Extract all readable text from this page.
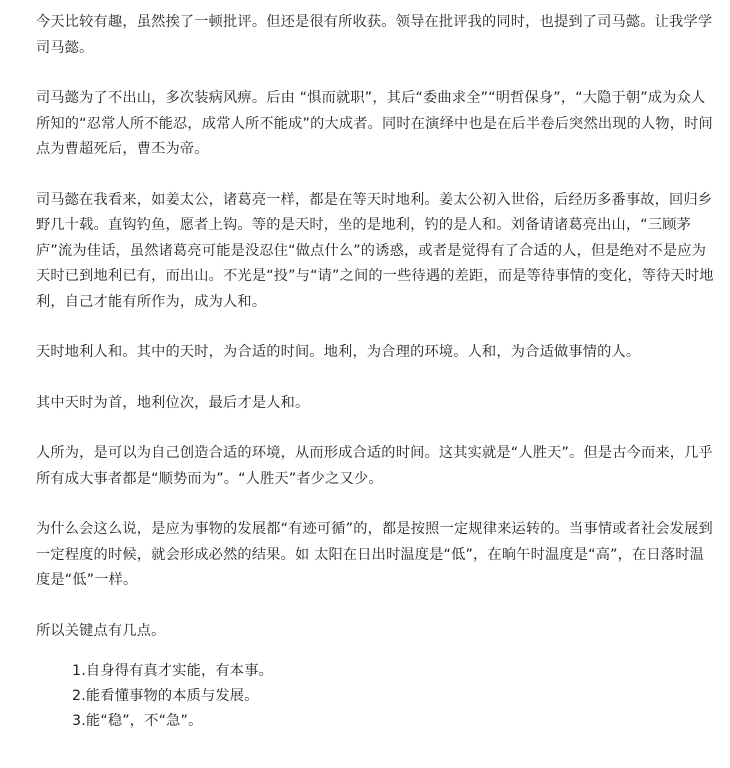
今天比较有趣，虽然挨了一顿批评。但还是很有所收获。领导在批评我的同时，也提到了司马懿。让我学学司马懿。

司马懿为了不出山，多次装病风痹。后由 “惧而就职”，其后“委曲求全”“明哲保身”，“大隐于朝”成为众人所知的“忍常人所不能忍，成常人所不能成”的大成者。同时在演绎中也是在后半卷后突然出现的人物，时间点为曹超死后，曹丕为帝。

司马懿在我看来，如姜太公，诸葛亮一样，都是在等天时地利。姜太公初入世俗，后经历多番事故，回归乡野几十载。直钩钓鱼，愿者上钩。等的是天时，坐的是地利，钓的是人和。刘备请诸葛亮出山，“三顾茅庐”流为佳话，虽然诸葛亮可能是没忍住“做点什么”的诱惑，或者是觉得有了合适的人，但是绝对不是应为天时已到地利已有，而出山。不光是“投”与“请”之间的一些待遇的差距，而是等待事情的变化，等待天时地利，自己才能有所作为，成为人和。

天时地利人和。其中的天时，为合适的时间。地利，为合理的环境。人和，为合适做事情的人。

其中天时为首，地利位次，最后才是人和。

人所为，是可以为自己创造合适的环境，从而形成合适的时间。这其实就是“人胜天”。但是古今而来，几乎所有成大事者都是“顺势而为”。“人胜天”者少之又少。

为什么会这么说，是应为事物的发展都“有迹可循”的，都是按照一定规律来运转的。当事情或者社会发展到一定程度的时候，就会形成必然的结果。如 太阳在日出时温度是“低”，在晌午时温度是“高”，在日落时温度是“低”一样。

所以关键点有几点。

1.自身得有真才实能，有本事。
2.能看懂事物的本质与发展。
3.能“稳”，不“急”。
